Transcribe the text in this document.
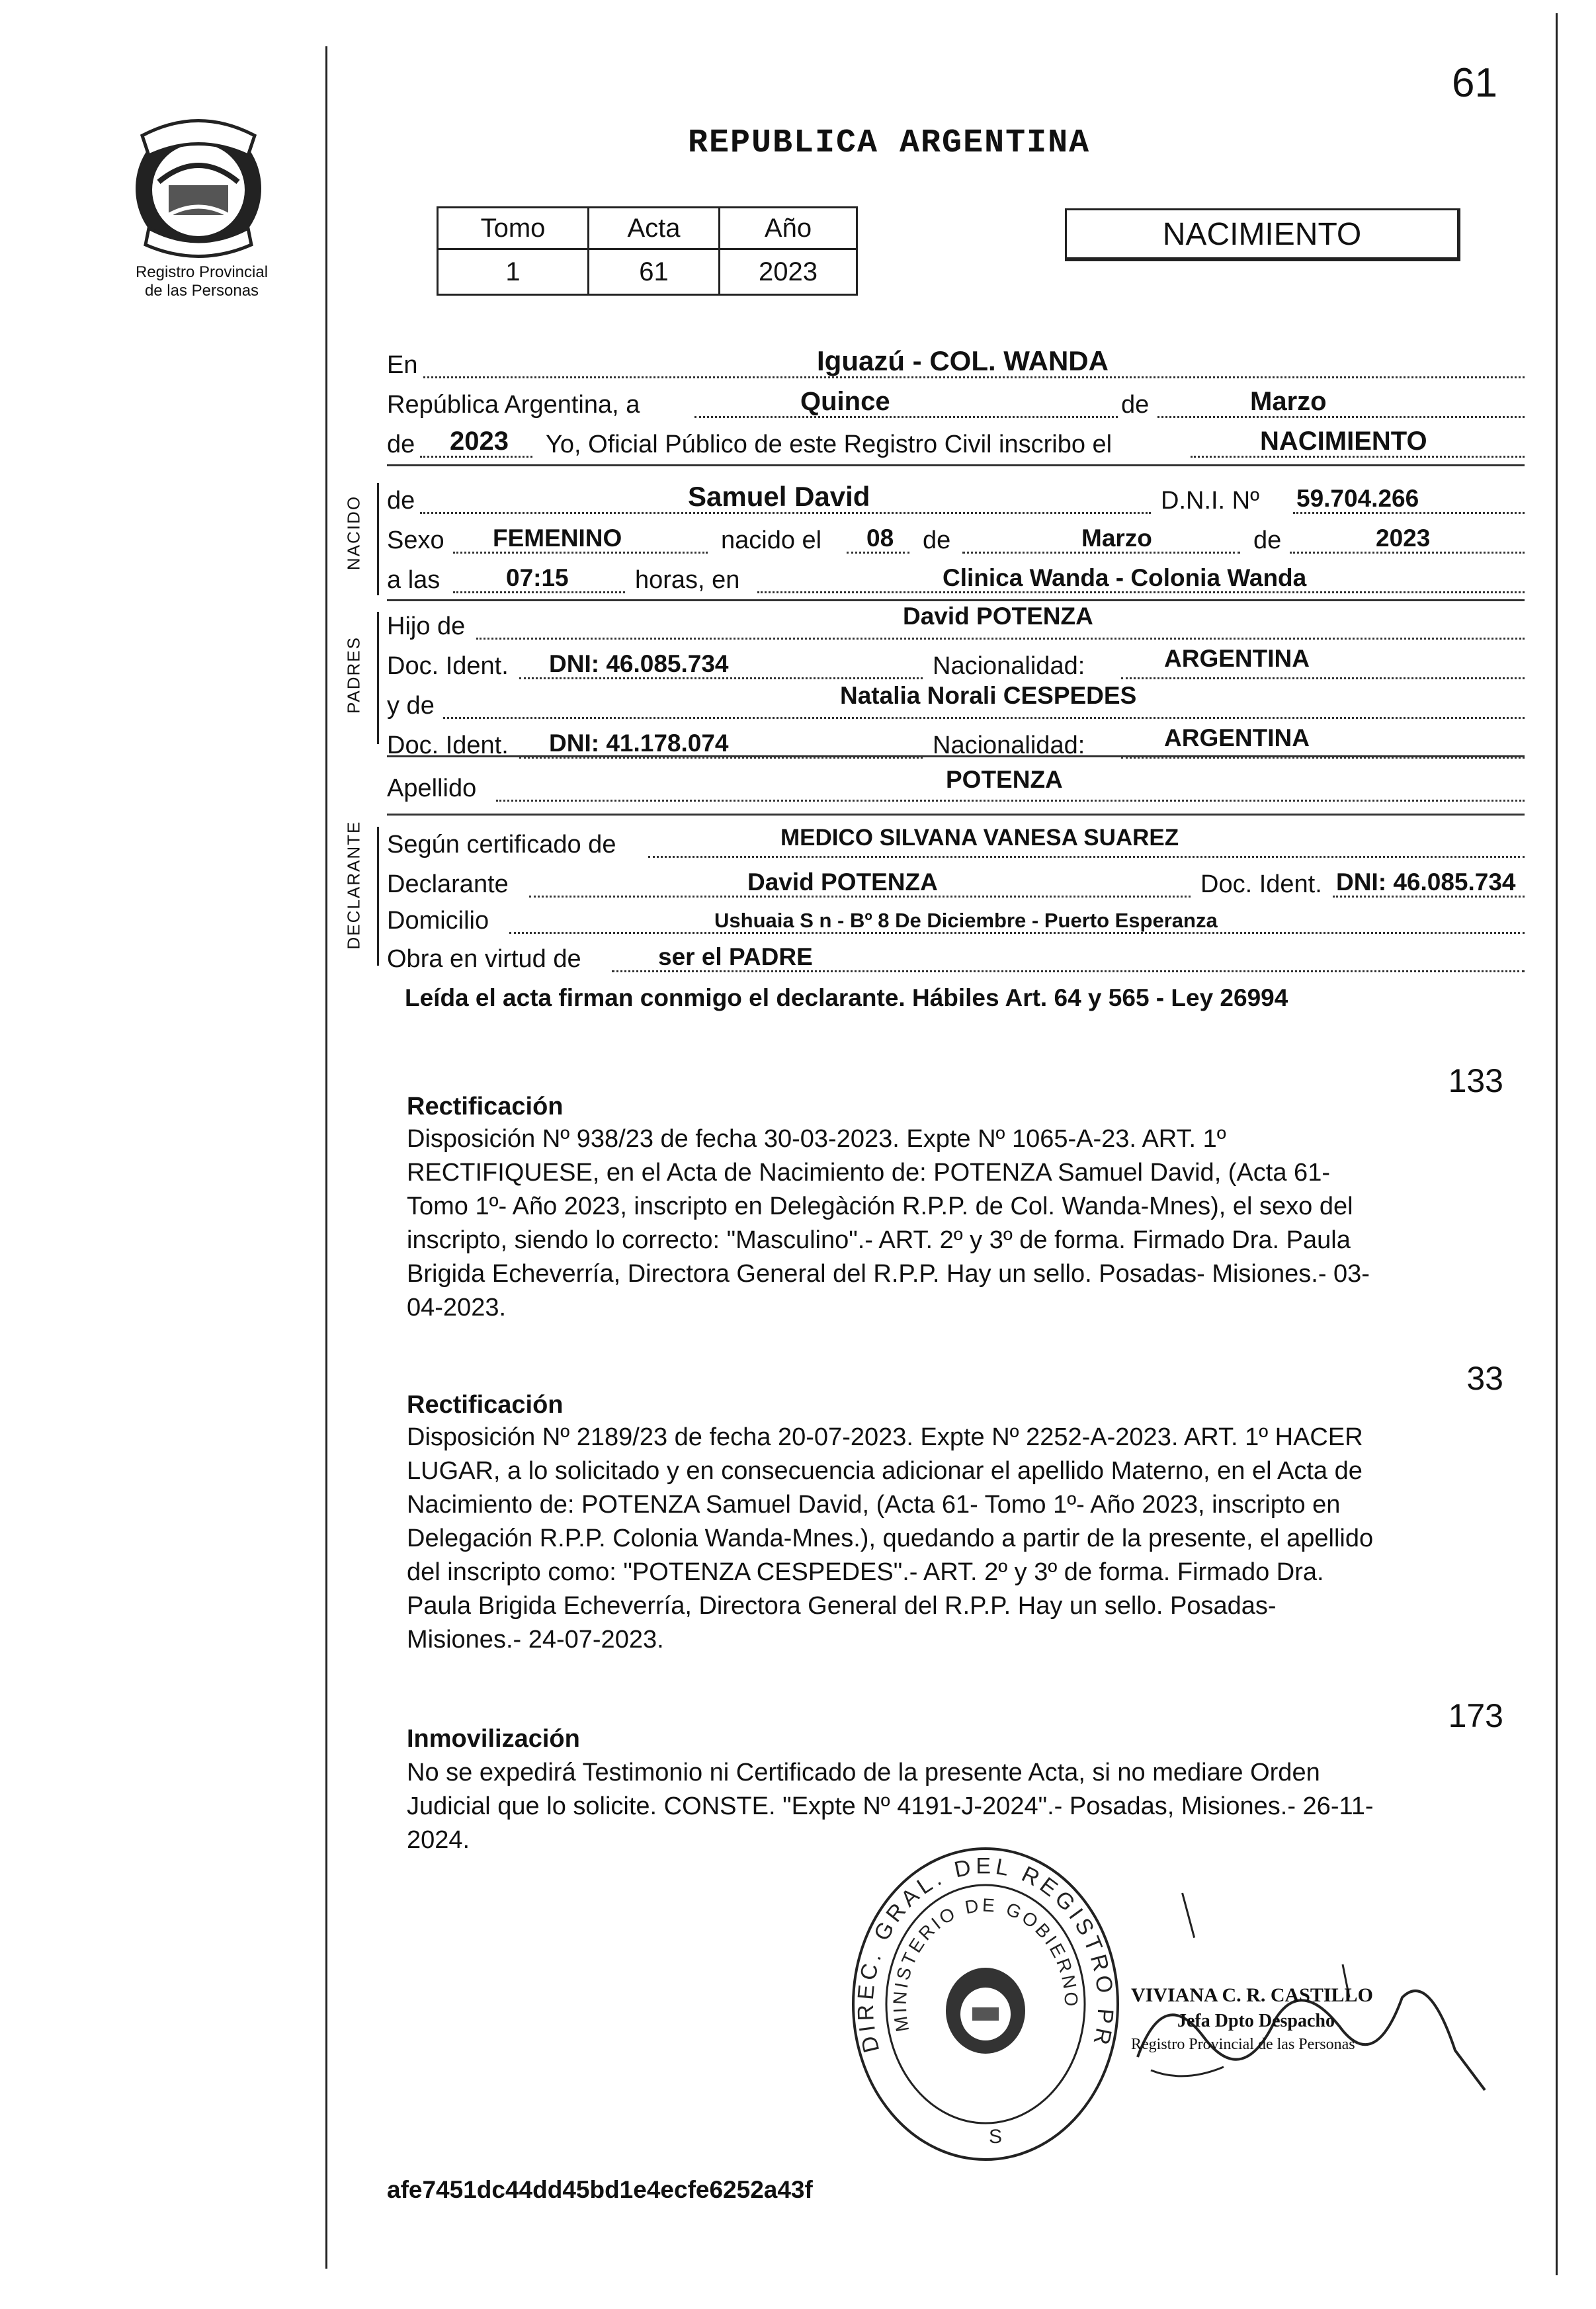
61
Registro Provincial
de las Personas
REPUBLICA ARGENTINA
Tomo	Acta	Año
1	61	2023
NACIMIENTO
NACIDO
PADRES
DECLARANTE
En	Iguazú - COL. WANDA
República Argentina, a	Quince	de	Marzo
de 2023 Yo, Oficial Público de este Registro Civil inscribo el	NACIMIENTO
de	Samuel David	D.N.I. Nº 59.704.266
Sexo FEMENINO	nacido el 08 de	Marzo	de	2023
a las	07:15	horas, en	Clinica Wanda - Colonia Wanda
Hijo de	David POTENZA
Doc. Ident. DNI: 46.085.734	Nacionalidad:	ARGENTINA
y de	Natalia Norali CESPEDES
Doc. Ident. DNI: 41.178.074	Nacionalidad:	ARGENTINA
Apellido	POTENZA
Según certificado de	MEDICO SILVANA VANESA SUAREZ
Declarante	David POTENZA	Doc. Ident. DNI: 46.085.734
Domicilio	Ushuaia S n - Bº 8 De Diciembre - Puerto Esperanza
Obra en virtud de	ser el PADRE
Leída el acta firman conmigo el declarante. Hábiles Art. 64 y 565 - Ley 26994
133
Rectificación
Disposición Nº 938/23 de fecha 30-03-2023. Expte Nº 1065-A-23. ART. 1º
RECTIFIQUESE, en el Acta de Nacimiento de: POTENZA Samuel David, (Acta 61-
Tomo 1º- Año 2023, inscripto en Delegàción R.P.P. de Col. Wanda-Mnes), el sexo del
inscripto, siendo lo correcto: "Masculino".- ART. 2º y 3º de forma. Firmado Dra. Paula
Brigida Echeverría, Directora General del R.P.P. Hay un sello. Posadas- Misiones.- 03-
04-2023.
33
Rectificación
Disposición Nº 2189/23 de fecha 20-07-2023. Expte Nº 2252-A-2023. ART. 1º HACER
LUGAR, a lo solicitado y en consecuencia adicionar el apellido Materno, en el Acta de
Nacimiento de: POTENZA Samuel David, (Acta 61- Tomo 1º- Año 2023, inscripto en
Delegación R.P.P. Colonia Wanda-Mnes.), quedando a partir de la presente, el apellido
del inscripto como: "POTENZA CESPEDES".- ART. 2º y 3º de forma. Firmado Dra.
Paula Brigida Echeverría, Directora General del R.P.P. Hay un sello. Posadas-
Misiones.- 24-07-2023.
173
Inmovilización
No se expedirá Testimonio ni Certificado de la presente Acta, si no mediare Orden
Judicial que lo solicite. CONSTE. "Expte Nº 4191-J-2024".- Posadas, Misiones.- 26-11-
2024.
DIREC. GRAL. DEL REGISTRO PR
MINISTERIO DE GOBIERNO
S
VIVIANA C. R. CASTILLO
Jefa Dpto Despacho
Registro Provincial de las Personas
afe7451dc44dd45bd1e4ecfe6252a43f
